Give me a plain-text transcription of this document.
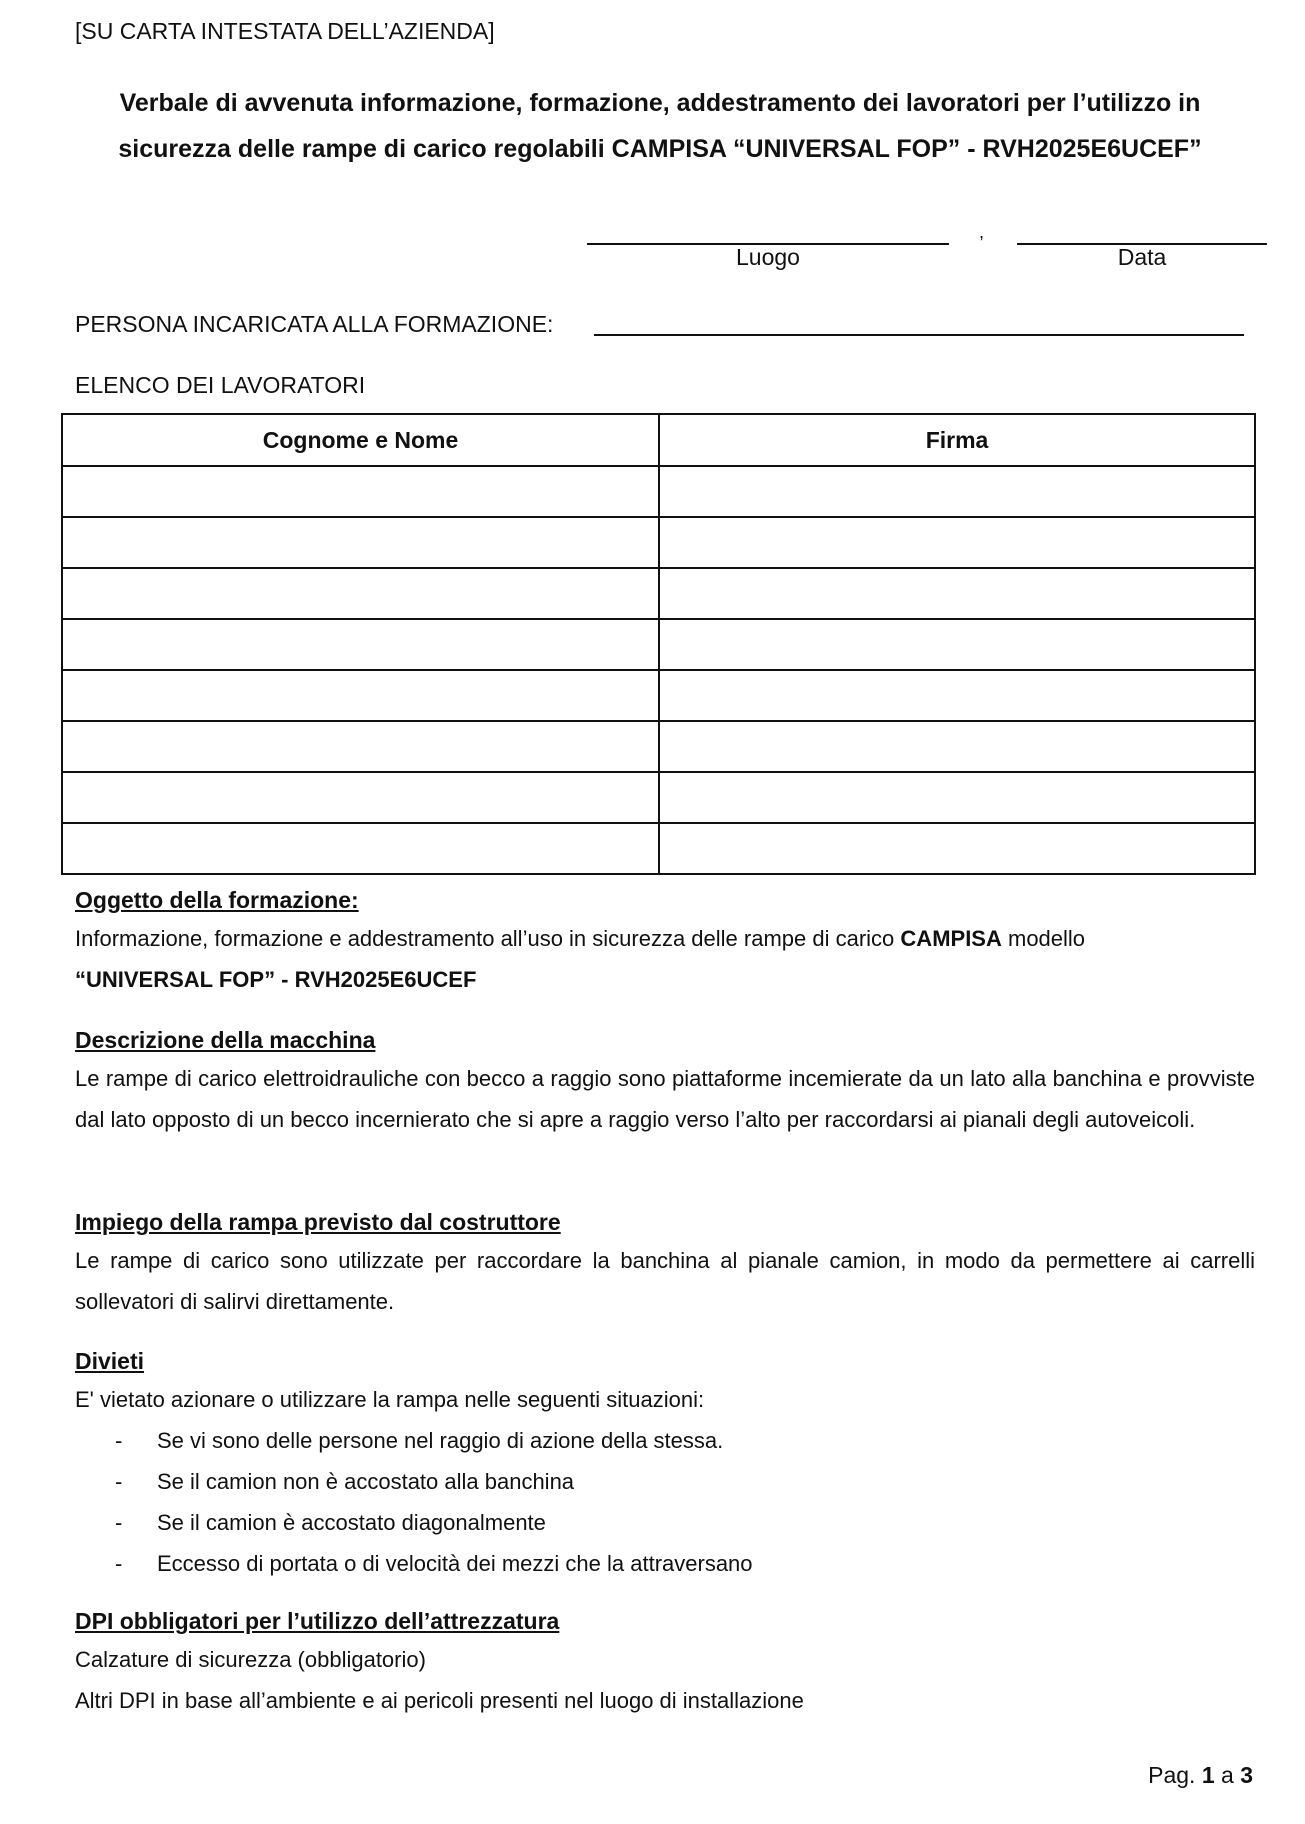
[SU CARTA INTESTATA DELL’AZIENDA]
Verbale di avvenuta informazione, formazione, addestramento dei lavoratori per l’utilizzo in
sicurezza delle rampe di carico regolabili CAMPISA “UNIVERSAL FOP” - RVH2025E6UCEF”
,
Luogo	Data
PERSONA INCARICATA ALLA FORMAZIONE:
ELENCO DEI LAVORATORI
Cognome e Nome	Firma

Oggetto della formazione:
Informazione, formazione e addestramento all’uso in sicurezza delle rampe di carico CAMPISA modello
“UNIVERSAL FOP” - RVH2025E6UCEF
Descrizione della macchina
Le rampe di carico elettroidrauliche con becco a raggio sono piattaforme incemierate da un lato alla banchina e provviste dal lato opposto di un becco incernierato che si apre a raggio verso l’alto per raccordarsi ai pianali degli autoveicoli.
Impiego della rampa previsto dal costruttore
Le rampe di carico sono utilizzate per raccordare la banchina al pianale camion, in modo da permettere ai carrelli sollevatori di salirvi direttamente.
Divieti
E' vietato azionare o utilizzare la rampa nelle seguenti situazioni:
- Se vi sono delle persone nel raggio di azione della stessa.
- Se il camion non è accostato alla banchina
- Se il camion è accostato diagonalmente
- Eccesso di portata o di velocità dei mezzi che la attraversano
DPI obbligatori per l’utilizzo dell’attrezzatura
Calzature di sicurezza (obbligatorio)
Altri DPI in base all’ambiente e ai pericoli presenti nel luogo di installazione
Pag. 1 a 3
